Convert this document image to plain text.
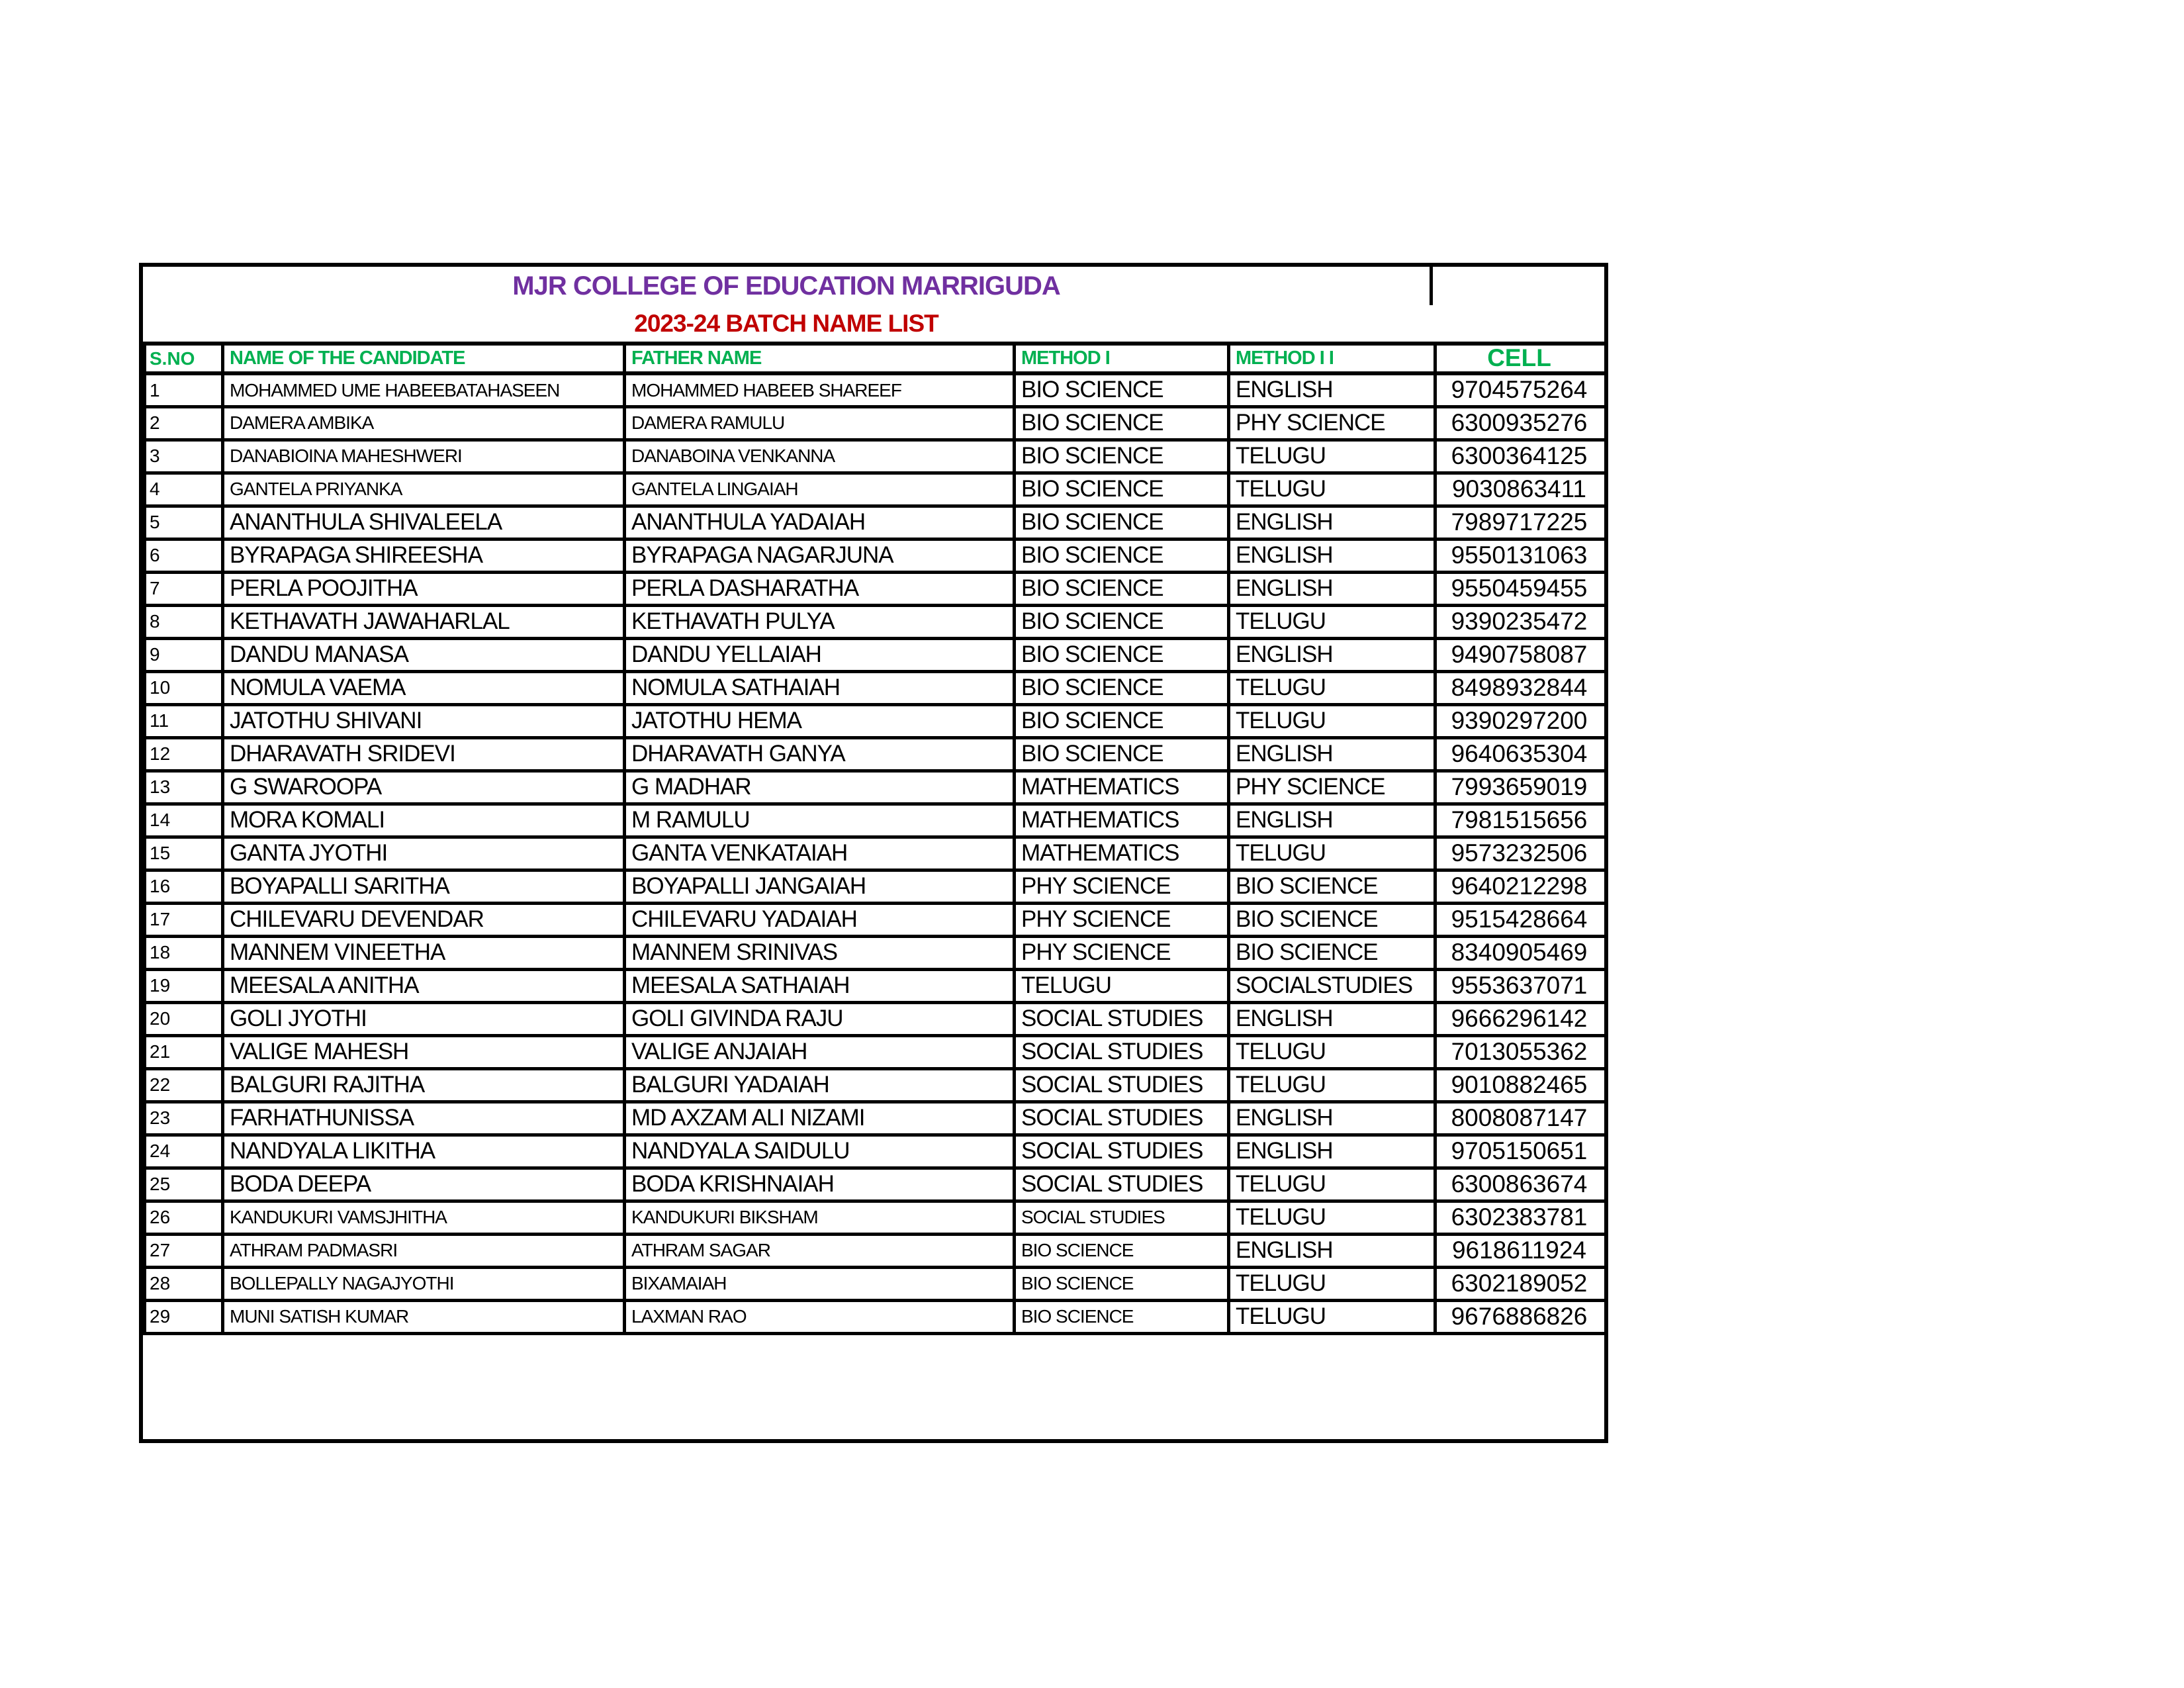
MJR COLLEGE OF EDUCATION MARRIGUDA
2023-24 BATCH NAME LIST
S.NO	NAME OF THE CANDIDATE	FATHER NAME	METHOD I	METHOD I I	CELL
1	MOHAMMED UME HABEEBATAHASEEN	MOHAMMED HABEEB SHAREEF	BIO SCIENCE	ENGLISH	9704575264
2	DAMERA AMBIKA	DAMERA RAMULU	BIO SCIENCE	PHY SCIENCE	6300935276
3	DANABIOINA MAHESHWERI	DANABOINA VENKANNA	BIO SCIENCE	TELUGU	6300364125
4	GANTELA PRIYANKA	GANTELA LINGAIAH	BIO SCIENCE	TELUGU	9030863411
5	ANANTHULA SHIVALEELA	ANANTHULA YADAIAH	BIO SCIENCE	ENGLISH	7989717225
6	BYRAPAGA SHIREESHA	BYRAPAGA NAGARJUNA	BIO SCIENCE	ENGLISH	9550131063
7	PERLA POOJITHA	PERLA DASHARATHA	BIO SCIENCE	ENGLISH	9550459455
8	KETHAVATH JAWAHARLAL	KETHAVATH PULYA	BIO SCIENCE	TELUGU	9390235472
9	DANDU MANASA	DANDU YELLAIAH	BIO SCIENCE	ENGLISH	9490758087
10	NOMULA VAEMA	NOMULA SATHAIAH	BIO SCIENCE	TELUGU	8498932844
11	JATOTHU SHIVANI	JATOTHU HEMA	BIO SCIENCE	TELUGU	9390297200
12	DHARAVATH SRIDEVI	DHARAVATH GANYA	BIO SCIENCE	ENGLISH	9640635304
13	G SWAROOPA	G MADHAR	MATHEMATICS	PHY SCIENCE	7993659019
14	MORA KOMALI	M RAMULU	MATHEMATICS	ENGLISH	7981515656
15	GANTA JYOTHI	GANTA VENKATAIAH	MATHEMATICS	TELUGU	9573232506
16	BOYAPALLI SARITHA	BOYAPALLI JANGAIAH	PHY SCIENCE	BIO SCIENCE	9640212298
17	CHILEVARU DEVENDAR	CHILEVARU YADAIAH	PHY SCIENCE	BIO SCIENCE	9515428664
18	MANNEM VINEETHA	MANNEM SRINIVAS	PHY SCIENCE	BIO SCIENCE	8340905469
19	MEESALA ANITHA	MEESALA SATHAIAH	TELUGU	SOCIALSTUDIES	9553637071
20	GOLI JYOTHI	GOLI GIVINDA RAJU	SOCIAL STUDIES	ENGLISH	9666296142
21	VALIGE MAHESH	VALIGE ANJAIAH	SOCIAL STUDIES	TELUGU	7013055362
22	BALGURI RAJITHA	BALGURI YADAIAH	SOCIAL STUDIES	TELUGU	9010882465
23	FARHATHUNISSA	MD AXZAM ALI NIZAMI	SOCIAL STUDIES	ENGLISH	8008087147
24	NANDYALA LIKITHA	NANDYALA SAIDULU	SOCIAL STUDIES	ENGLISH	9705150651
25	BODA DEEPA	BODA KRISHNAIAH	SOCIAL STUDIES	TELUGU	6300863674
26	KANDUKURI VAMSJHITHA	KANDUKURI BIKSHAM	SOCIAL STUDIES	TELUGU	6302383781
27	ATHRAM PADMASRI	ATHRAM SAGAR	BIO SCIENCE	ENGLISH	9618611924
28	BOLLEPALLY NAGAJYOTHI	BIXAMAIAH	BIO SCIENCE	TELUGU	6302189052
29	MUNI SATISH KUMAR	LAXMAN RAO	BIO SCIENCE	TELUGU	9676886826
